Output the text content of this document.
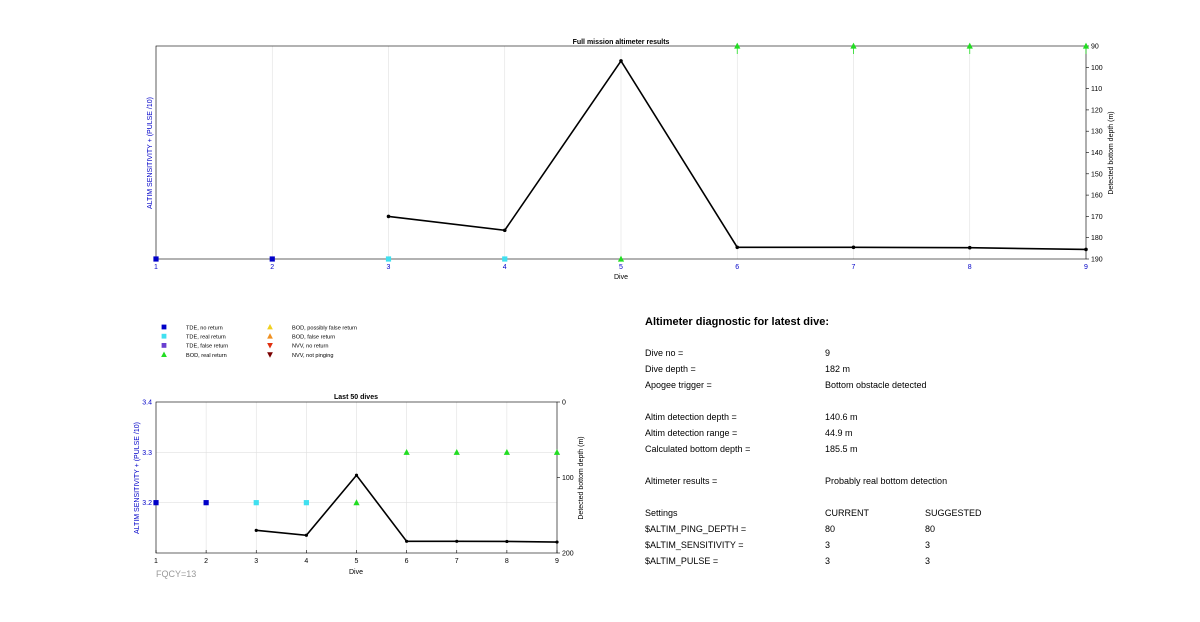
Full mission altimeter results
Dive
ALTIM SENSITIVITY + (PULSE /10)	Detected bottom depth (m)
1	2	3	4	5	6	7	8	9
90
100
110
120
130
140
150
160
170
180
190
TDE, no return
TDE, real return
TDE, false return
BOD, real return
BOD, possibly false return
BOD, false return
NVV, no return
NVV, not pinging
Last 50 dives
Dive
ALTIM SENSITIVITY + (PULSE /10)	Detected bottom depth (m)
1	2	3	4	5	6	7	8	9
3.2
3.3
3.4	0
100
200
FQCY=13
Altimeter diagnostic for latest dive:
Dive no =	9
Dive depth =	182 m
Apogee trigger =	Bottom obstacle detected
Altim detection depth =	140.6 m
Altim detection range =	44.9 m
Calculated bottom depth =	185.5 m
Altimeter results =	Probably real bottom detection
Settings	CURRENT	SUGGESTED
$ALTIM_PING_DEPTH =	80	80
$ALTIM_SENSITIVITY =	3	3
$ALTIM_PULSE =	3	3
